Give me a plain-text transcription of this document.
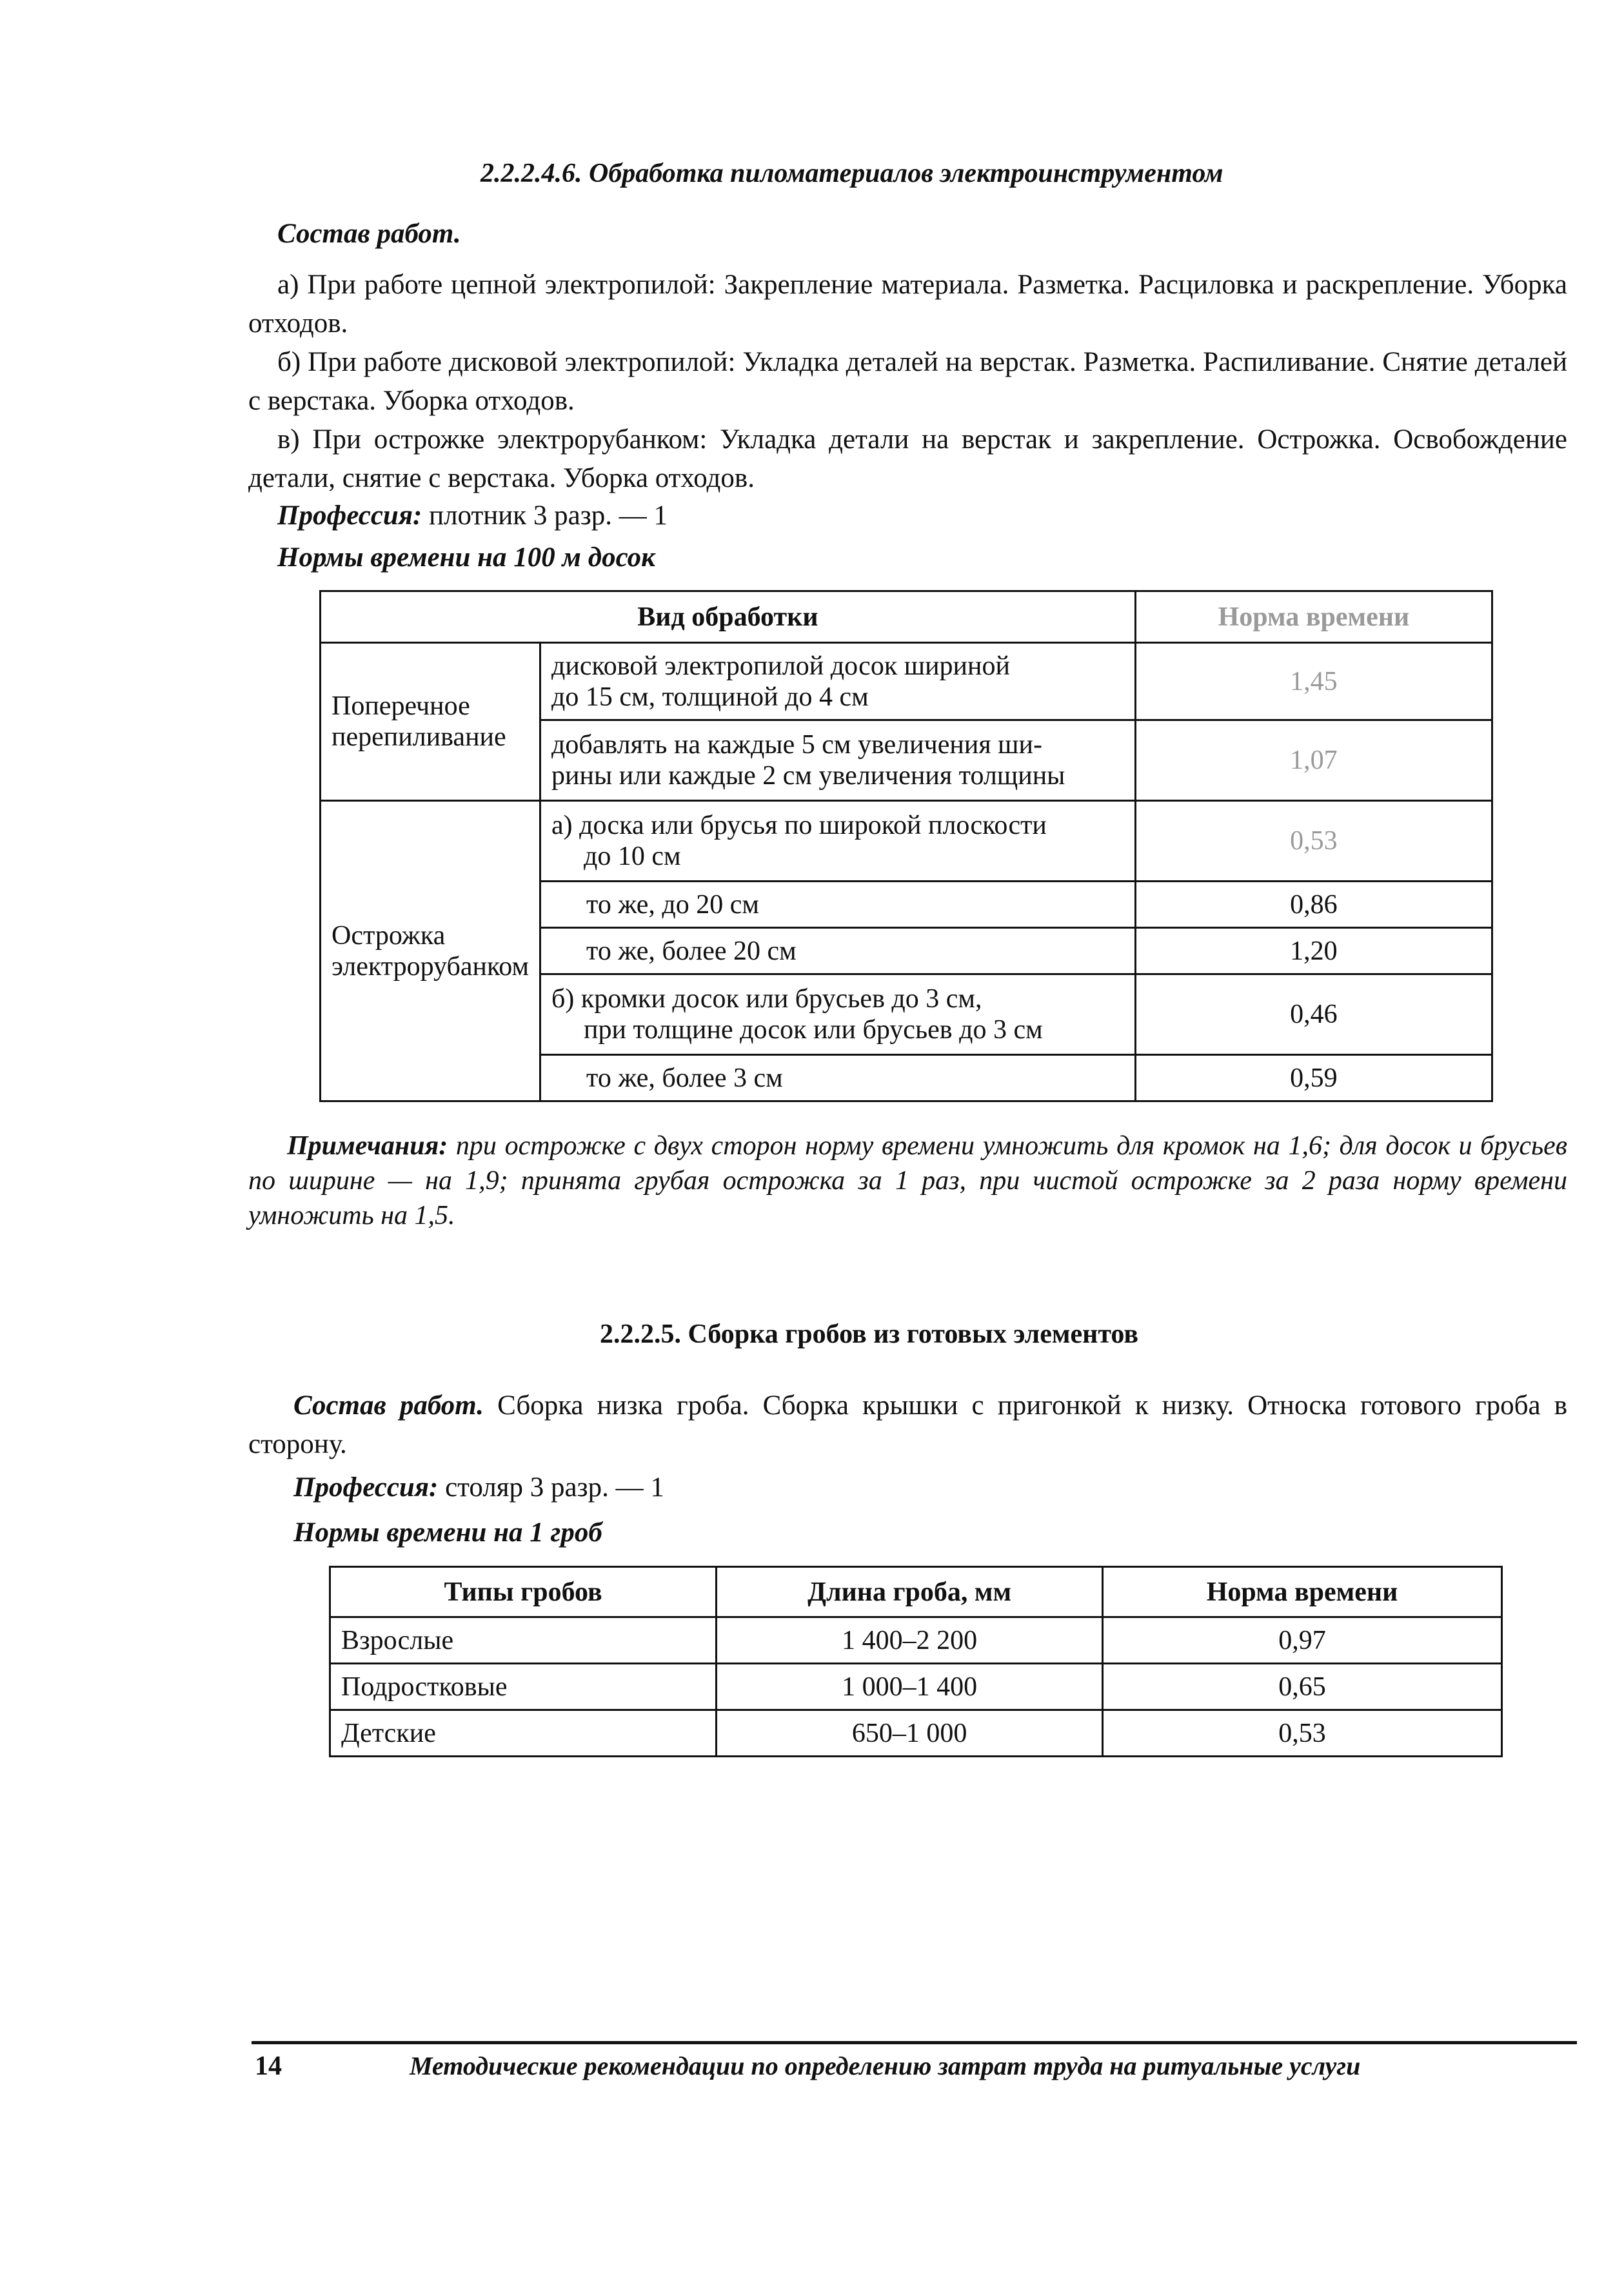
2.2.2.4.6. Обработка пиломатериалов электроинструментом
Состав работ.
а) При работе цепной электропилой: Закрепление материала. Разметка. Расциловка и раскрепление. Уборка отходов.
б) При работе дисковой электропилой: Укладка деталей на верстак. Разметка. Распиливание. Снятие деталей с верстака. Уборка отходов.
в) При острожке электрорубанком: Укладка детали на верстак и закрепление. Острожка. Освобождение детали, снятие с верстака. Уборка отходов.
Профессия: плотник 3 разр. — 1
Нормы времени на 100 м досок
Вид обработки		Норма времени
Поперечное перепиливание	дисковой электропилой досок шириной
до 15 см, толщиной до 4 см	1,45
	добавлять на каждые 5 см увеличения ши-
рины или каждые 2 см увеличения толщины	1,07
Острожка электрорубанком	а) доска или брусья по широкой плоскости
до 10 см	0,53
	то же, до 20 см	0,86
	то же, более 20 см	1,20
	б) кромки досок или брусьев до 3 см,
при толщине досок или брусьев до 3 см	0,46
	то же, более 3 см	0,59
Примечания: при острожке с двух сторон норму времени умножить для кромок на 1,6; для досок и брусьев по ширине — на 1,9; принята грубая острожка за 1 раз, при чистой острожке за 2 раза норму времени умножить на 1,5.
2.2.2.5. Сборка гробов из готовых элементов
Состав работ. Сборка низка гроба. Сборка крышки с пригонкой к низку. Относка готового гроба в сторону.
Профессия: столяр 3 разр. — 1
Нормы времени на 1 гроб
Типы гробов	Длина гроба, мм	Норма времени
Взрослые	1 400–2 200	0,97
Подростковые	1 000–1 400	0,65
Детские	650–1 000	0,53
14	Методические рекомендации по определению затрат труда на ритуальные услуги
